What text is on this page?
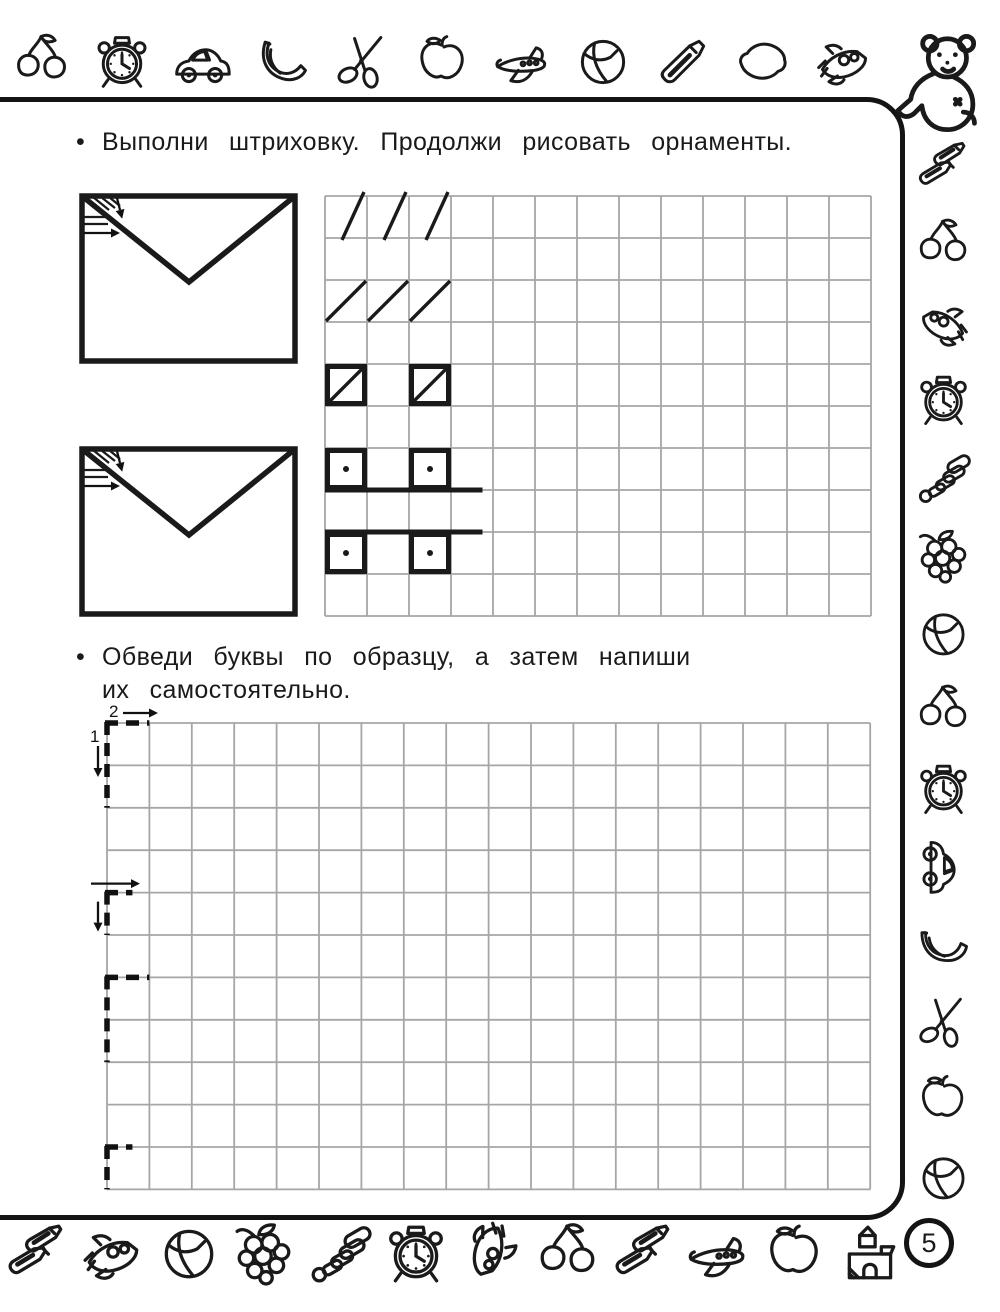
• Выполни штриховку. Продолжи рисовать орнаменты.
• Обведи буквы по образцу, а затем напиши их самостоятельно.
2
1
5
